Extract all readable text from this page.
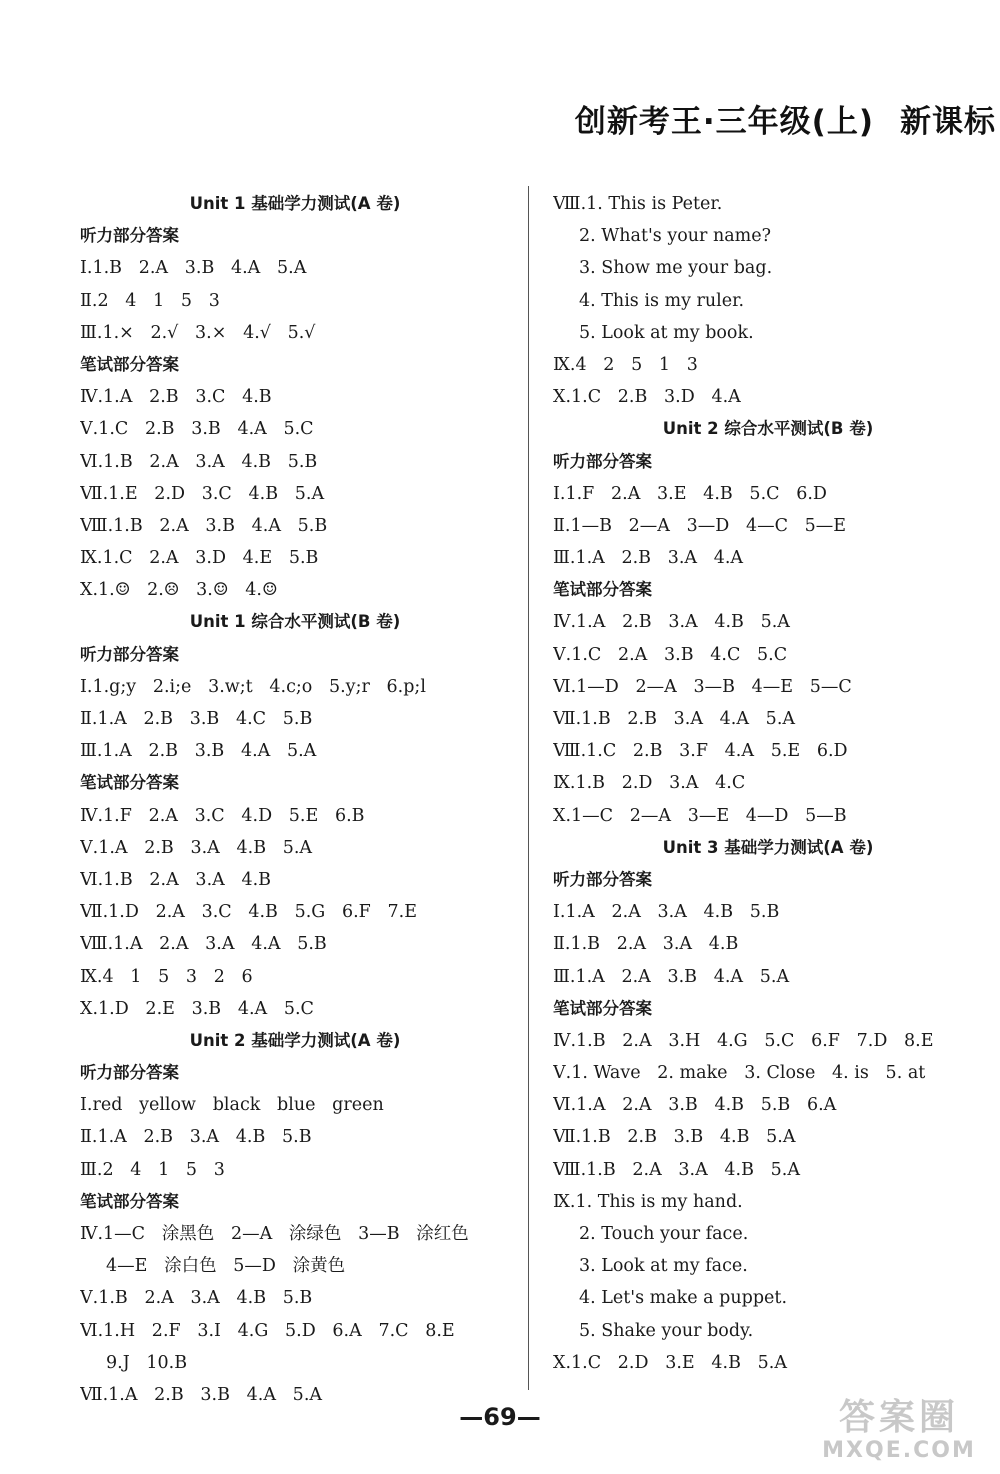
创新考王·三年级(上) 新课标
Unit 1 基础学力测试(A 卷)
听力部分答案
Ⅰ.1.B   2.A   3.B   4.A   5.A
Ⅱ.2   4   1   5   3
Ⅲ.1.×   2.√   3.×   4.√   5.√
笔试部分答案
Ⅳ.1.A   2.B   3.C   4.B
Ⅴ.1.C   2.B   3.B   4.A   5.C
Ⅵ.1.B   2.A   3.A   4.B   5.B
Ⅶ.1.E   2.D   3.C   4.B   5.A
Ⅷ.1.B   2.A   3.B   4.A   5.B
Ⅸ.1.C   2.A   3.D   4.E   5.B
Ⅹ.1.☺   2.☹   3.☺   4.☺
Unit 1 综合水平测试(B 卷)
听力部分答案
Ⅰ.1.g;y   2.i;e   3.w;t   4.c;o   5.y;r   6.p;l
Ⅱ.1.A   2.B   3.B   4.C   5.B
Ⅲ.1.A   2.B   3.B   4.A   5.A
笔试部分答案
Ⅳ.1.F   2.A   3.C   4.D   5.E   6.B
Ⅴ.1.A   2.B   3.A   4.B   5.A
Ⅵ.1.B   2.A   3.A   4.B
Ⅶ.1.D   2.A   3.C   4.B   5.G   6.F   7.E
Ⅷ.1.A   2.A   3.A   4.A   5.B
Ⅸ.4   1   5   3   2   6
Ⅹ.1.D   2.E   3.B   4.A   5.C
Unit 2 基础学力测试(A 卷)
听力部分答案
Ⅰ.red   yellow   black   blue   green
Ⅱ.1.A   2.B   3.A   4.B   5.B
Ⅲ.2   4   1   5   3
笔试部分答案
Ⅳ.1—C   涂黑色   2—A   涂绿色   3—B   涂红色
4—E   涂白色   5—D   涂黄色
Ⅴ.1.B   2.A   3.A   4.B   5.B
Ⅵ.1.H   2.F   3.I   4.G   5.D   6.A   7.C   8.E
9.J   10.B
Ⅶ.1.A   2.B   3.B   4.A   5.A
Ⅷ.1. This is Peter.
2. What's your name?
3. Show me your bag.
4. This is my ruler.
5. Look at my book.
Ⅸ.4   2   5   1   3
Ⅹ.1.C   2.B   3.D   4.A
Unit 2 综合水平测试(B 卷)
听力部分答案
Ⅰ.1.F   2.A   3.E   4.B   5.C   6.D
Ⅱ.1—B   2—A   3—D   4—C   5—E
Ⅲ.1.A   2.B   3.A   4.A
笔试部分答案
Ⅳ.1.A   2.B   3.A   4.B   5.A
Ⅴ.1.C   2.A   3.B   4.C   5.C
Ⅵ.1—D   2—A   3—B   4—E   5—C
Ⅶ.1.B   2.B   3.A   4.A   5.A
Ⅷ.1.C   2.B   3.F   4.A   5.E   6.D
Ⅸ.1.B   2.D   3.A   4.C
Ⅹ.1—C   2—A   3—E   4—D   5—B
Unit 3 基础学力测试(A 卷)
听力部分答案
Ⅰ.1.A   2.A   3.A   4.B   5.B
Ⅱ.1.B   2.A   3.A   4.B
Ⅲ.1.A   2.A   3.B   4.A   5.A
笔试部分答案
Ⅳ.1.B   2.A   3.H   4.G   5.C   6.F   7.D   8.E
Ⅴ.1. Wave   2. make   3. Close   4. is   5. at
Ⅵ.1.A   2.A   3.B   4.B   5.B   6.A
Ⅶ.1.B   2.B   3.B   4.B   5.A
Ⅷ.1.B   2.A   3.A   4.B   5.A
Ⅸ.1. This is my hand.
2. Touch your face.
3. Look at my face.
4. Let's make a puppet.
5. Shake your body.
Ⅹ.1.C   2.D   3.E   4.B   5.A
—69—	答案圈
MXQE.COM
